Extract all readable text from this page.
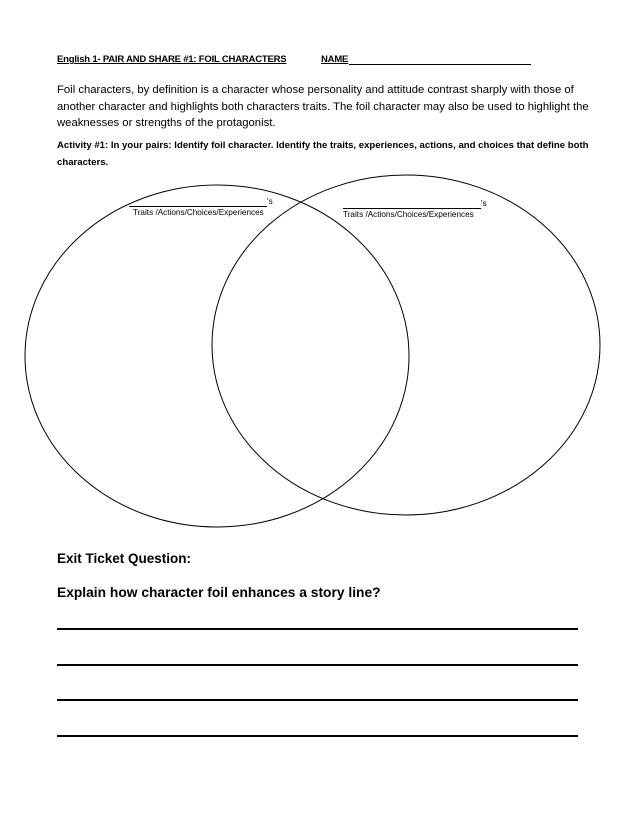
English 1- PAIR AND SHARE #1: FOIL CHARACTERS	NAME
Foil characters, by definition is a character whose personality and attitude contrast sharply with those of another character and highlights both characters traits. The foil character may also be used to highlight the weaknesses or strengths of the protagonist.
Activity #1: In your pairs: Identify foil character. Identify the traits, experiences, actions, and choices that define both characters.
's
Traits /Actions/Choices/Experiences
's
Traits /Actions/Choices/Experiences
Exit Ticket Question:
Explain how character foil enhances a story line?
